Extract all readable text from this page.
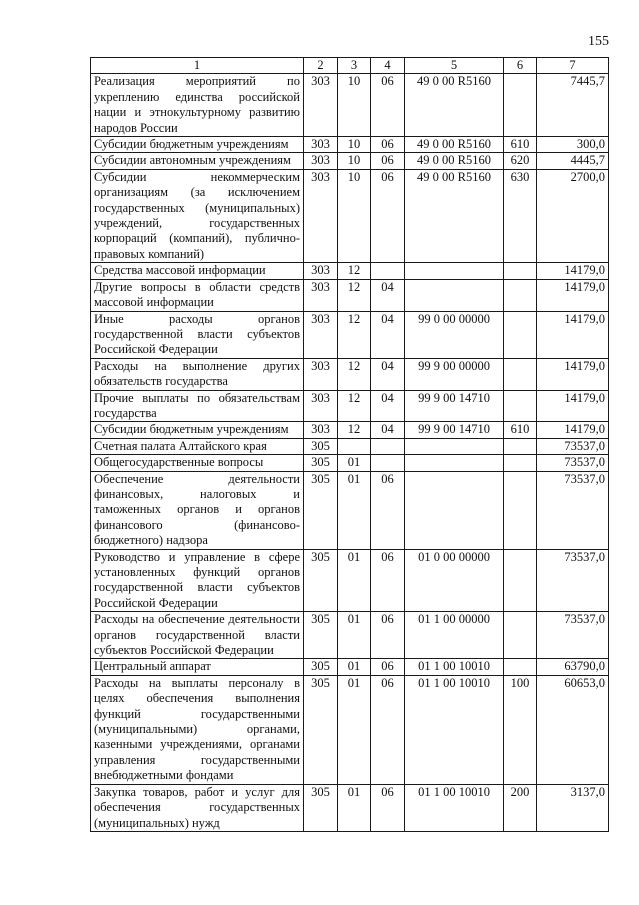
155
1	2	3	4	5	6	7
Реализация мероприятий по укреплению единства российской нации и этнокультурному развитию народов России	303	10	06	49 0 00 R5160		7445,7
Субсидии бюджетным учреждениям	303	10	06	49 0 00 R5160	610	300,0
Субсидии автономным учреждениям	303	10	06	49 0 00 R5160	620	4445,7
Субсидии некоммерческим организациям (за исключением государственных (муниципальных) учреждений, государственных корпораций (компаний), публично-правовых компаний)	303	10	06	49 0 00 R5160	630	2700,0
Средства массовой информации	303	12				14179,0
Другие вопросы в области средств массовой информации	303	12	04			14179,0
Иные расходы органов государственной власти субъектов Российской Федерации	303	12	04	99 0 00 00000		14179,0
Расходы на выполнение других обязательств государства	303	12	04	99 9 00 00000		14179,0
Прочие выплаты по обязательствам государства	303	12	04	99 9 00 14710		14179,0
Субсидии бюджетным учреждениям	303	12	04	99 9 00 14710	610	14179,0
Счетная палата Алтайского края	305					73537,0
Общегосударственные вопросы	305	01				73537,0
Обеспечение деятельности финансовых, налоговых и таможенных органов и органов финансового (финансово-бюджетного) надзора	305	01	06			73537,0
Руководство и управление в сфере установленных функций органов государственной власти субъектов Российской Федерации	305	01	06	01 0 00 00000		73537,0
Расходы на обеспечение деятельности органов государственной власти субъектов Российской Федерации	305	01	06	01 1 00 00000		73537,0
Центральный аппарат	305	01	06	01 1 00 10010		63790,0
Расходы на выплаты персоналу в целях обеспечения выполнения функций государственными (муниципальными) органами, казенными учреждениями, органами управления государственными внебюджетными фондами	305	01	06	01 1 00 10010	100	60653,0
Закупка товаров, работ и услуг для обеспечения государственных (муниципальных) нужд	305	01	06	01 1 00 10010	200	3137,0
